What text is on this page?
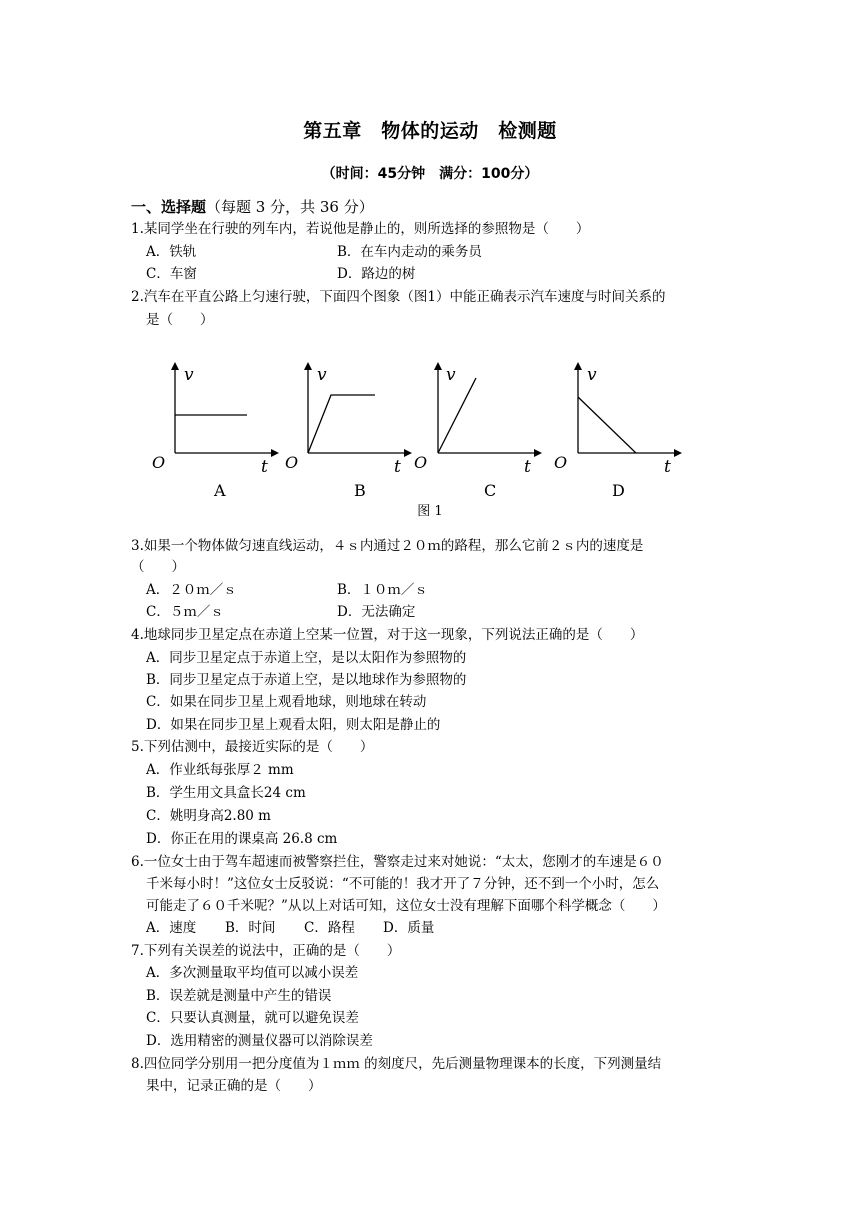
第五章　物体的运动　检测题
（时间：45分钟　满分：100分）
一、选择题（每题 3 分，共 36 分）
1.某同学坐在行驶的列车内，若说他是静止的，则所选择的参照物是（　　）
A．铁轨	B．在车内走动的乘务员
C．车窗	D．路边的树
2.汽车在平直公路上匀速行驶，下面四个图象（图1）中能正确表示汽车速度与时间关系的
是（　　）
v
O	t
A
v
O	t
B
v
O	t
C
v
O	t
D
图 1
3.如果一个物体做匀速直线运动，４ｓ内通过２０ｍ的路程，那么它前２ｓ内的速度是
（　　）
A．２０ｍ／ｓ	B．１０ｍ／ｓ
C．５ｍ／ｓ	D．无法确定
4.地球同步卫星定点在赤道上空某一位置，对于这一现象，下列说法正确的是（　　）
A．同步卫星定点于赤道上空，是以太阳作为参照物的
B．同步卫星定点于赤道上空，是以地球作为参照物的
C．如果在同步卫星上观看地球，则地球在转动
D．如果在同步卫星上观看太阳，则太阳是静止的
5.下列估测中，最接近实际的是（　　）
A．作业纸每张厚２ mm
B．学生用文具盒长24 cm
C．姚明身高2.80 m
D．你正在用的课桌高 26.8 cm
6.一位女士由于驾车超速而被警察拦住，警察走过来对她说：“太太，您刚才的车速是６０
千米每小时！”这位女士反驳说：“不可能的！我才开了７分钟，还不到一个小时，怎么
可能走了６０千米呢？”从以上对话可知，这位女士没有理解下面哪个科学概念（　　）
A．速度 B．时间 C．路程 D．质量
7.下列有关误差的说法中，正确的是（　　）
A．多次测量取平均值可以减小误差
B．误差就是测量中产生的错误
C．只要认真测量，就可以避免误差
D．选用精密的测量仪器可以消除误差
8.四位同学分别用一把分度值为１ｍｍ 的刻度尺，先后测量物理课本的长度，下列测量结
果中，记录正确的是（　　）
